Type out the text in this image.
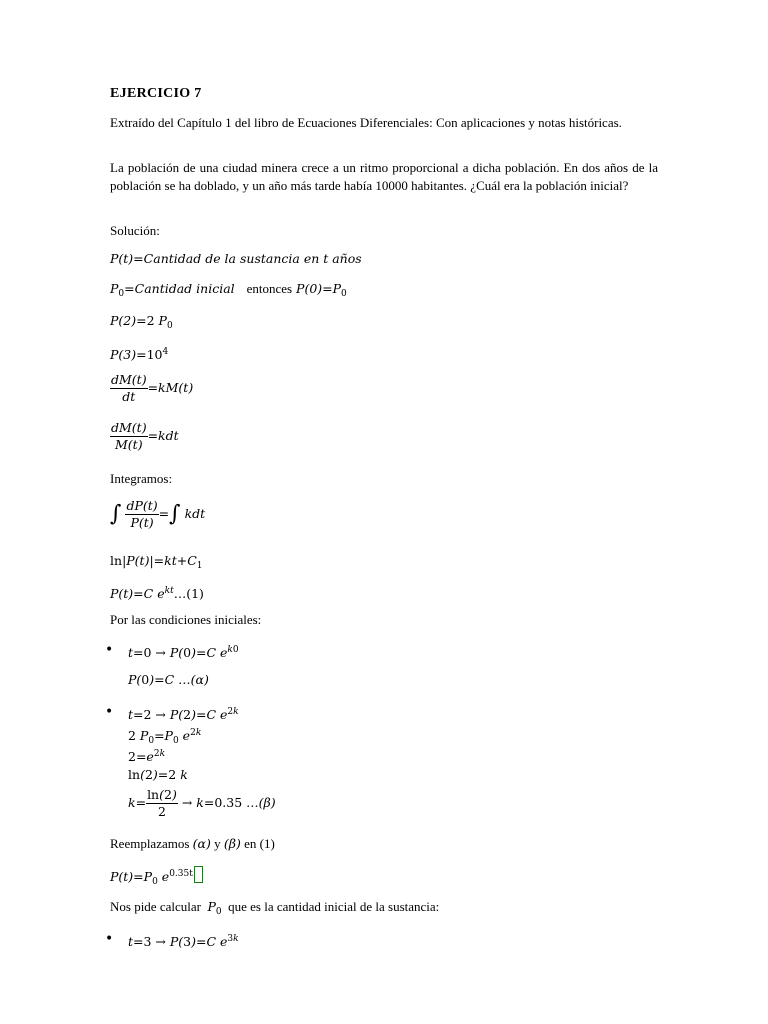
EJERCICIO 7
Extraído del Capítulo 1 del libro de Ecuaciones Diferenciales: Con aplicaciones y notas históricas.
La población de una ciudad minera crece a un ritmo proporcional a dicha población. En dos años de la población se ha doblado, y un año más tarde había 10000 habitantes. ¿Cuál era la población inicial?
Solución:
P(t)=Cantidad de la sustancia en t años
$P_0=Cantidad$ inicial entonces $P(0)=P_0$
P(2)=2 $P_0$
$P(3)=10^4$
$\frac{dM(t)}{dt} =kM(t)$
$\frac{dM(t)}{M(t)} =kdt$
Integramos:
∫ $\frac{dP(t)}{P(t)}$ =∫ kdt
$\ln|P(t)|=kt+C_1$
P(t)=C $e^{kt}\dots(1)$
Por las condiciones iniciales:
• t=0 → P(0)=C $e^{k0}$
P(0)=C …(α)
• t=2 → P(2)=C $e^{2k}$
2 $P_0=P_0$ $e^{2k}$
$2=e^{2k}$
ln(2)=2 k
$k= \frac{\ln(2)}{2} \to k=0.35$ …(β)
Reemplazamos (α) y (β) en (1)
$P(t)=P_0$ $e^{0.35t}$
Nos pide calcular $P_0$ que es la cantidad inicial de la sustancia:
• t=3 → P(3)=C $e^{3k}$
